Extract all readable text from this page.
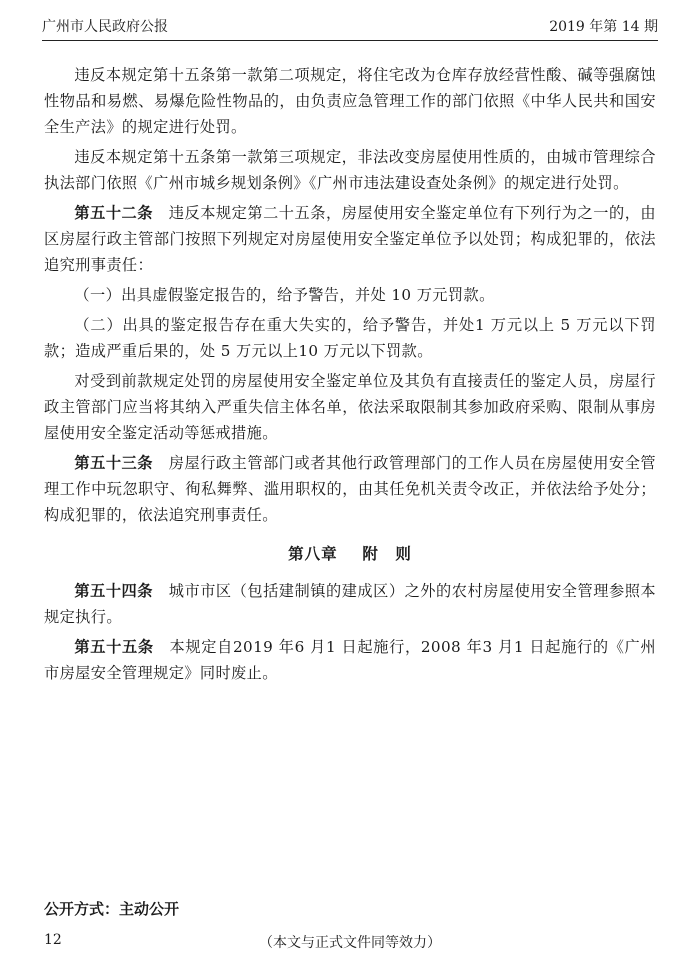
广州市人民政府公报	2019 年第 14 期

违反本规定第十五条第一款第二项规定，将住宅改为仓库存放经营性酸、碱等强腐蚀性物品和易燃、易爆危险性物品的，由负责应急管理工作的部门依照《中华人民共和国安全生产法》的规定进行处罚。

违反本规定第十五条第一款第三项规定，非法改变房屋使用性质的，由城市管理综合执法部门依照《广州市城乡规划条例》《广州市违法建设查处条例》的规定进行处罚。

第五十二条　 违反本规定第二十五条，房屋使用安全鉴定单位有下列行为之一的，由区房屋行政主管部门按照下列规定对房屋使用安全鉴定单位予以处罚；构成犯罪的，依法追究刑事责任：

（一）出具虚假鉴定报告的，给予警告，并处 10 万元罚款。

（二）出具的鉴定报告存在重大失实的，给予警告，并处1 万元以上 5 万元以下罚款；造成严重后果的，处 5 万元以上10 万元以下罚款。

对受到前款规定处罚的房屋使用安全鉴定单位及其负有直接责任的鉴定人员，房屋行政主管部门应当将其纳入严重失信主体名单，依法采取限制其参加政府采购、限制从事房屋使用安全鉴定活动等惩戒措施。

第五十三条　 房屋行政主管部门或者其他行政管理部门的工作人员在房屋使用安全管理工作中玩忽职守、徇私舞弊、滥用职权的，由其任免机关责令改正，并依法给予处分；构成犯罪的，依法追究刑事责任。

第八章 附　则

第五十四条　 城市市区（包括建制镇的建成区）之外的农村房屋使用安全管理参照本规定执行。

第五十五条　 本规定自2019 年6 月1 日起施行，2008 年3 月1 日起施行的《广州市房屋安全管理规定》同时废止。

公开方式：主动公开
（本文与正式文件同等效力）
12
